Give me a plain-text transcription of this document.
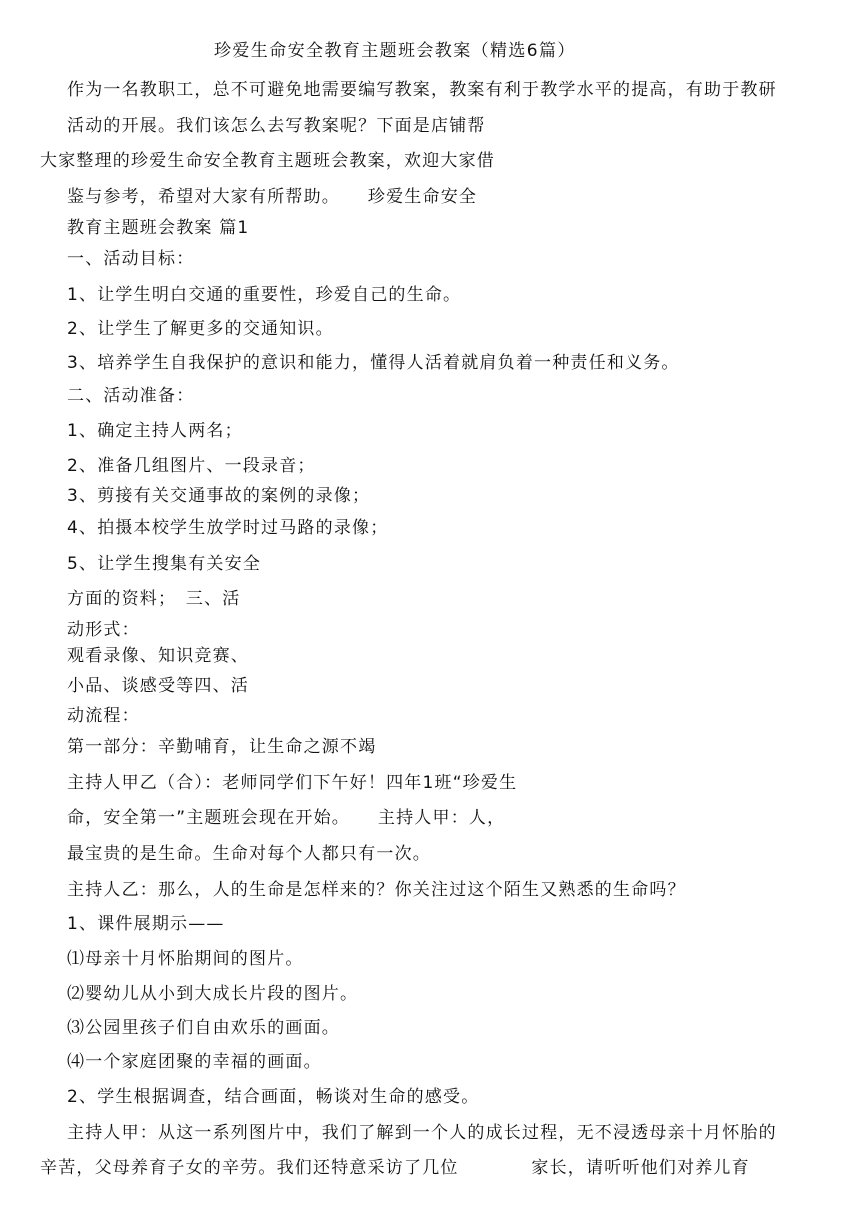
珍爱生命安全教育主题班会教案（精选6篇）
作为一名教职工，总不可避免地需要编写教案，教案有利于教学水平的提高，有助于教研
活动的开展。我们该怎么去写教案呢？下面是店铺帮
大家整理的珍爱生命安全教育主题班会教案，欢迎大家借
鉴与参考，希望对大家有所帮助。　　珍爱生命安全
教育主题班会教案 篇1
一、活动目标：
1、让学生明白交通的重要性，珍爱自己的生命。
2、让学生了解更多的交通知识。
3、培养学生自我保护的意识和能力，懂得人活着就肩负着一种责任和义务。
二、活动准备：
1、确定主持人两名；
2、准备几组图片、一段录音；
3、剪接有关交通事故的案例的录像；
4、拍摄本校学生放学时过马路的录像；
5、让学生搜集有关安全
方面的资料；　三、活
动形式：
观看录像、知识竞赛、
小品、谈感受等四、活
动流程：
第一部分：辛勤哺育，让生命之源不竭
主持人甲乙（合）：老师同学们下午好！四年1班“珍爱生
命，安全第一”主题班会现在开始。　　主持人甲：人，
最宝贵的是生命。生命对每个人都只有一次。
主持人乙：那么，人的生命是怎样来的？你关注过这个陌生又熟悉的生命吗？
1、课件展期示——
⑴母亲十月怀胎期间的图片。
⑵婴幼儿从小到大成长片段的图片。
⑶公园里孩子们自由欢乐的画面。
⑷一个家庭团聚的幸福的画面。
2、学生根据调查，结合画面，畅谈对生命的感受。
主持人甲：从这一系列图片中，我们了解到一个人的成长过程，无不浸透母亲十月怀胎的
辛苦，父母养育子女的辛劳。我们还特意采访了几位　　　　家长，请听听他们对养儿育
